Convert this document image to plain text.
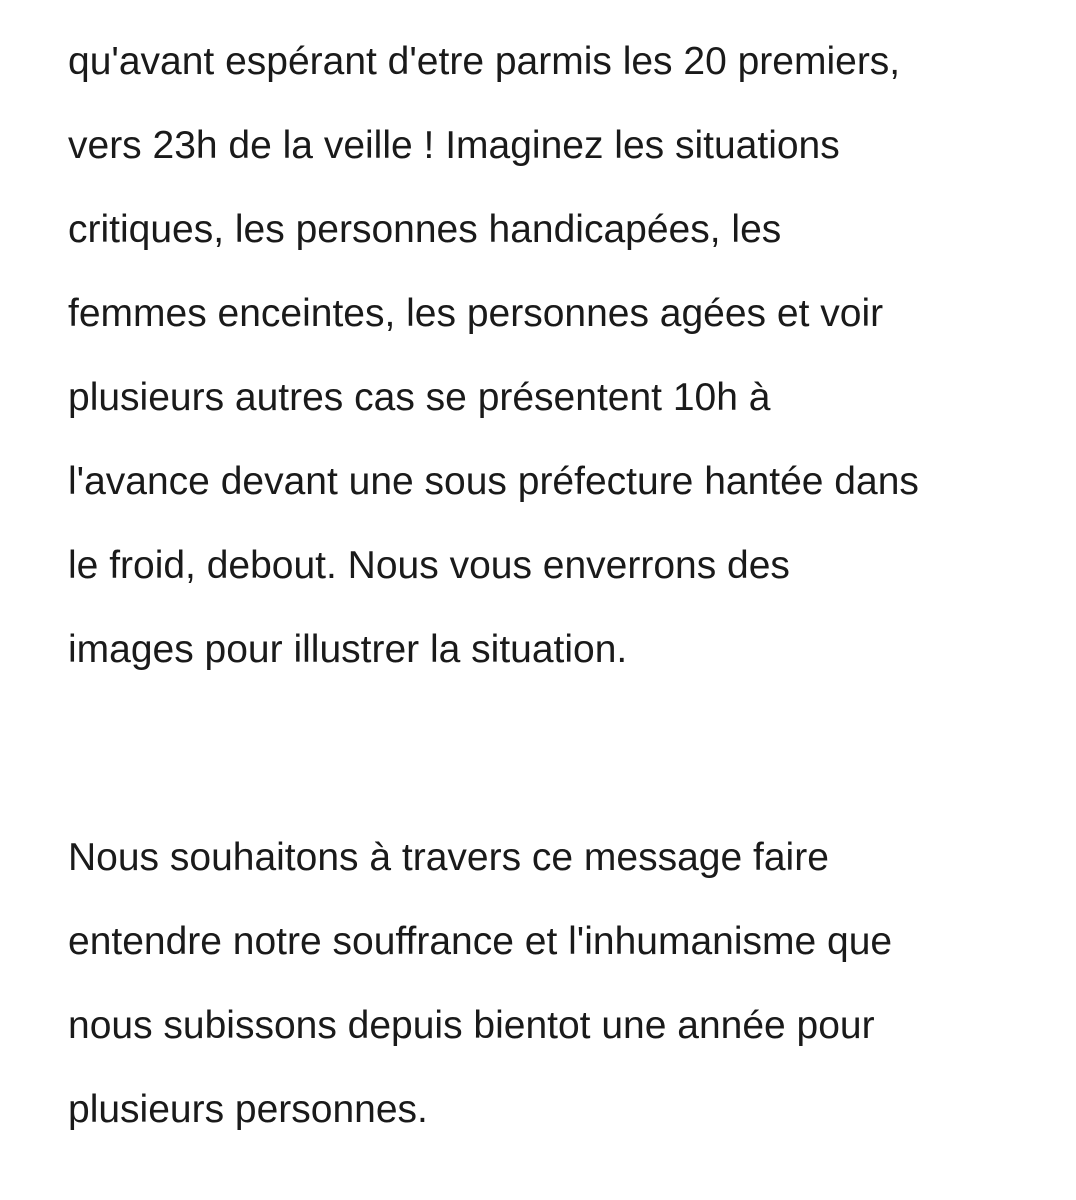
qu'avant espérant d'etre parmis les 20 premiers,
vers 23h de la veille ! Imaginez les situations
critiques, les personnes handicapées, les
femmes enceintes, les personnes agées et voir
plusieurs autres cas se présentent 10h à
l'avance devant une sous préfecture hantée dans
le froid, debout. Nous vous enverrons des
images pour illustrer la situation.

Nous souhaitons à travers ce message faire
entendre notre souffrance et l'inhumanisme que
nous subissons depuis bientot une année pour
plusieurs personnes.
